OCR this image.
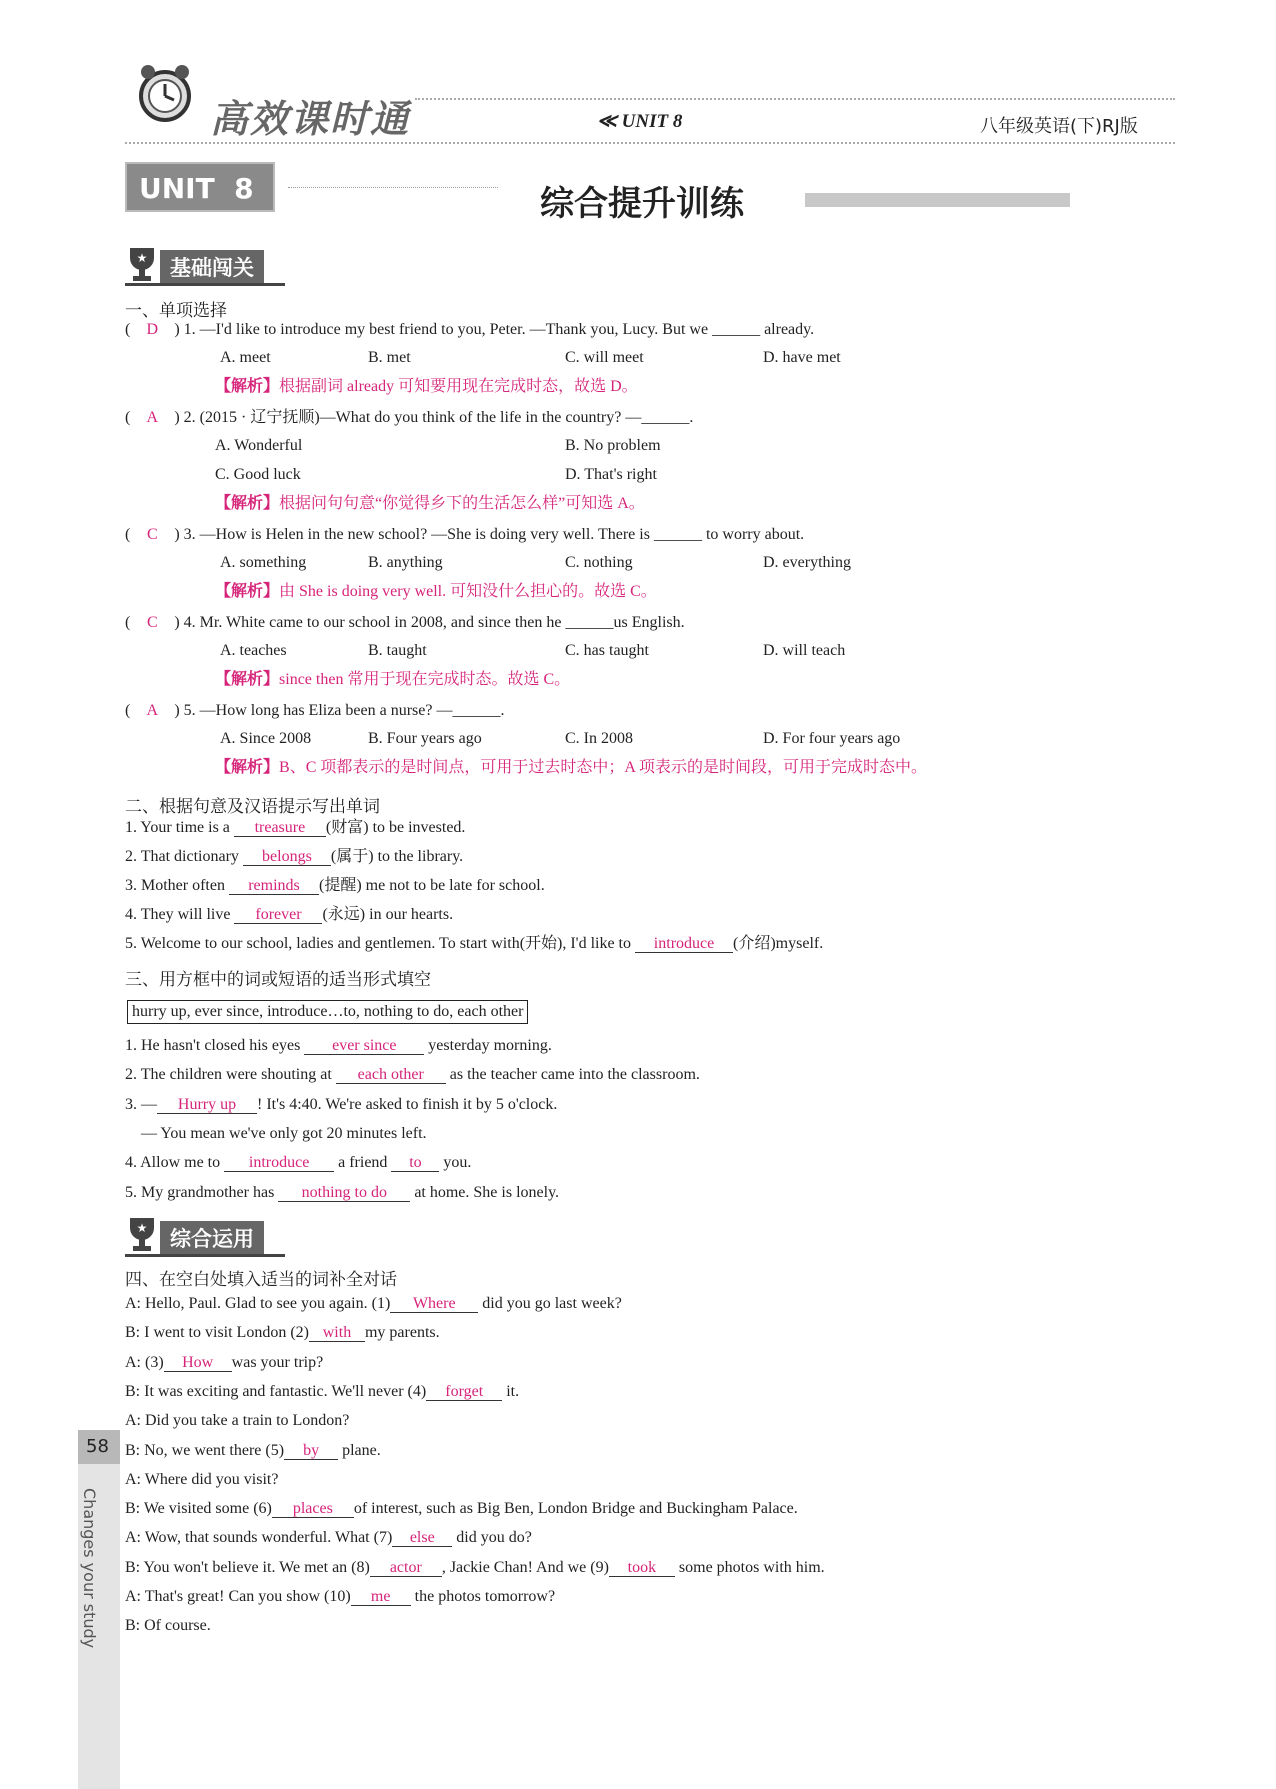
高效课时通	≪ UNIT 8	八年级英语(下)RJ版
UNIT  8	综合提升训练
★	基础闯关
一、单项选择
( D ) 1. —I'd like to introduce my best friend to you, Peter. —Thank you, Lucy. But we ______ already.
A. meet	B. met	C. will meet	D. have met
【解析】根据副词 already 可知要用现在完成时态，故选 D。
( A ) 2. (2015 · 辽宁抚顺)—What do you think of the life in the country? —______.
A. Wonderful	B. No problem
C. Good luck	D. That's right
【解析】根据问句句意“你觉得乡下的生活怎么样”可知选 A。
( C ) 3. —How is Helen in the new school? —She is doing very well. There is ______ to worry about.
A. something	B. anything	C. nothing	D. everything
【解析】由 She is doing very well. 可知没什么担心的。故选 C。
( C ) 4. Mr. White came to our school in 2008, and since then he ______us English.
A. teaches	B. taught	C. has taught	D. will teach
【解析】since then 常用于现在完成时态。故选 C。
( A ) 5. —How long has Eliza been a nurse? —______.
A. Since 2008	B. Four years ago	C. In 2008	D. For four years ago
【解析】B、C 项都表示的是时间点，可用于过去时态中；A 项表示的是时间段，可用于完成时态中。
二、根据句意及汉语提示写出单词
1. Your time is a treasure (财富) to be invested.
2. That dictionary belongs (属于) to the library.
3. Mother often reminds (提醒) me not to be late for school.
4. They will live forever (永远) in our hearts.
5. Welcome to our school, ladies and gentlemen. To start with(开始), I'd like to introduce (介绍)myself.
三、用方框中的词或短语的适当形式填空
hurry up, ever since, introduce…to, nothing to do, each other
1. He hasn't closed his eyes ever since yesterday morning.
2. The children were shouting at each other as the teacher came into the classroom.
3. — Hurry up ! It's 4:40. We're asked to finish it by 5 o'clock.
— You mean we've only got 20 minutes left.
4. Allow me to introduce a friend to you.
5. My grandmother has nothing to do at home. She is lonely.
★	综合运用
四、在空白处填入适当的词补全对话
A: Hello, Paul. Glad to see you again. (1) Where did you go last week?
B: I went to visit London (2) with my parents.
A: (3) How was your trip?
B: It was exciting and fantastic. We'll never (4) forget it.
A: Did you take a train to London?
B: No, we went there (5) by plane.
A: Where did you visit?
B: We visited some (6) places of interest, such as Big Ben, London Bridge and Buckingham Palace.
A: Wow, that sounds wonderful. What (7) else did you do?
B: You won't believe it. We met an (8) actor , Jackie Chan! And we (9) took some photos with him.
A: That's great! Can you show (10) me the photos tomorrow?
B: Of course.
58
Changes your study
